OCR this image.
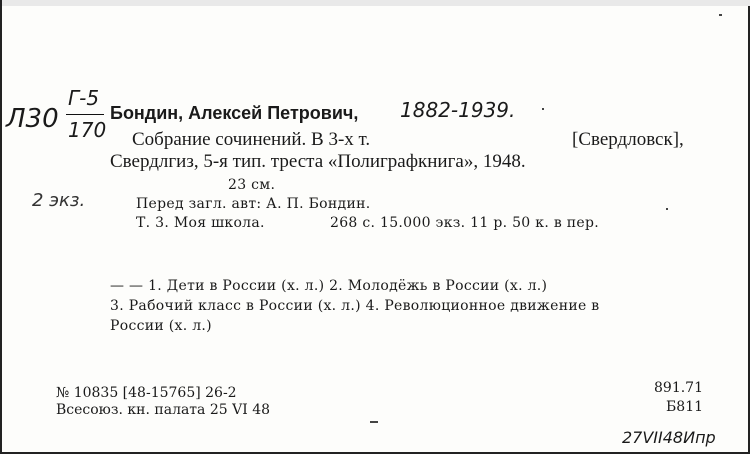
Л30
Г-5
170
2 экз.
Бондин, Алексей Петрович, 1882-1939.
Собрание сочинений. В 3-х т.	[Свердловск],
Свердлгиз, 5-я тип. треста «Полиграфкнига», 1948.
23 см.
Перед загл. авт: А. П. Бондин.
Т. 3. Моя школа.	268 с. 15.000 экз. 11 р. 50 к. в пер.
— — 1. Дети в России (х. л.) 2. Молодёжь в России (х. л.)
3. Рабочий класс в России (х. л.) 4. Революционное движение в
России (х. л.)
№ 10835 [48-15765] 26-2
Всесоюз. кн. палата 25 VI 48
891.71
Б811
27VII48Ипр
